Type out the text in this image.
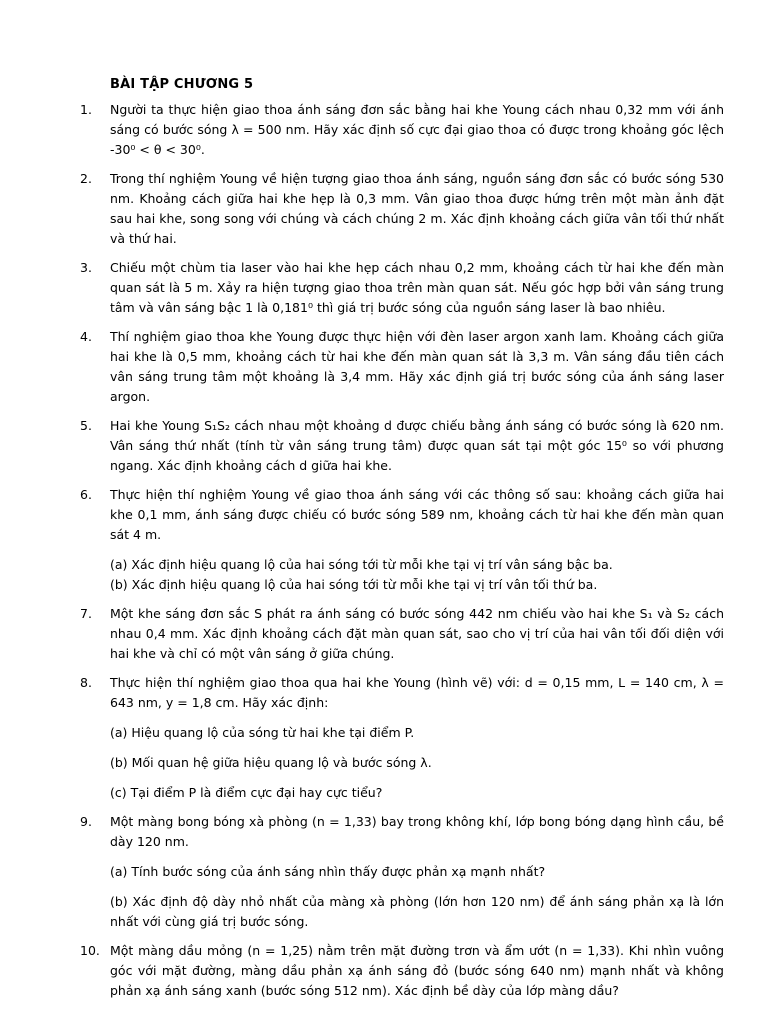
BÀI TẬP CHƯƠNG 5
1.	Người ta thực hiện giao thoa ánh sáng đơn sắc bằng hai khe Young cách nhau 0,32 mm với ánh sáng có bước sóng λ = 500 nm. Hãy xác định số cực đại giao thoa có được trong khoảng góc lệch -30⁰ < θ < 30⁰.

2.	Trong thí nghiệm Young về hiện tượng giao thoa ánh sáng, nguồn sáng đơn sắc có bước sóng 530 nm. Khoảng cách giữa hai khe hẹp là 0,3 mm. Vân giao thoa được hứng trên một màn ảnh đặt sau hai khe, song song với chúng và cách chúng 2 m. Xác định khoảng cách giữa vân tối thứ nhất và thứ hai.

3.	Chiếu một chùm tia laser vào hai khe hẹp cách nhau 0,2 mm, khoảng cách từ hai khe đến màn quan sát là 5 m. Xảy ra hiện tượng giao thoa trên màn quan sát. Nếu góc hợp bởi vân sáng trung tâm và vân sáng bậc 1 là 0,181⁰ thì giá trị bước sóng của nguồn sáng laser là bao nhiêu.

4.	Thí nghiệm giao thoa khe Young được thực hiện với đèn laser argon xanh lam. Khoảng cách giữa hai khe là 0,5 mm, khoảng cách từ hai khe đến màn quan sát là 3,3 m. Vân sáng đầu tiên cách vân sáng trung tâm một khoảng là 3,4 mm. Hãy xác định giá trị bước sóng của ánh sáng laser argon.

5.	Hai khe Young S₁S₂ cách nhau một khoảng d được chiếu bằng ánh sáng có bước sóng là 620 nm. Vân sáng thứ nhất (tính từ vân sáng trung tâm) được quan sát tại một góc 15⁰ so với phương ngang. Xác định khoảng cách d giữa hai khe.

6.	Thực hiện thí nghiệm Young về giao thoa ánh sáng với các thông số sau: khoảng cách giữa hai khe 0,1 mm, ánh sáng được chiếu có bước sóng 589 nm, khoảng cách từ hai khe đến màn quan sát 4 m.

(a) Xác định hiệu quang lộ của hai sóng tới từ mỗi khe tại vị trí vân sáng bậc ba.

(b) Xác định hiệu quang lộ của hai sóng tới từ mỗi khe tại vị trí vân tối thứ ba.

7.	Một khe sáng đơn sắc S phát ra ánh sáng có bước sóng 442 nm chiếu vào hai khe S₁ và S₂ cách nhau 0,4 mm. Xác định khoảng cách đặt màn quan sát, sao cho vị trí của hai vân tối đối diện với hai khe và chỉ có một vân sáng ở giữa chúng.

8.	Thực hiện thí nghiệm giao thoa qua hai khe Young (hình vẽ) với: d = 0,15 mm, L = 140 cm, λ = 643 nm, y = 1,8 cm. Hãy xác định:

(a) Hiệu quang lộ của sóng từ hai khe tại điểm P.

(b) Mối quan hệ giữa hiệu quang lộ và bước sóng λ.

(c) Tại điểm P là điểm cực đại hay cực tiểu?

9.	Một màng bong bóng xà phòng (n = 1,33) bay trong không khí, lớp bong bóng dạng hình cầu, bề dày 120 nm.

(a) Tính bước sóng của ánh sáng nhìn thấy được phản xạ mạnh nhất?

(b) Xác định độ dày nhỏ nhất của màng xà phòng (lớn hơn 120 nm) để ánh sáng phản xạ là lớn nhất với cùng giá trị bước sóng.

10. Một màng dầu mỏng (n = 1,25) nằm trên mặt đường trơn và ẩm ướt (n = 1,33). Khi nhìn vuông góc với mặt đường, màng dầu phản xạ ánh sáng đỏ (bước sóng 640 nm) mạnh nhất và không phản xạ ánh sáng xanh (bước sóng 512 nm). Xác định bề dày của lớp màng dầu?
